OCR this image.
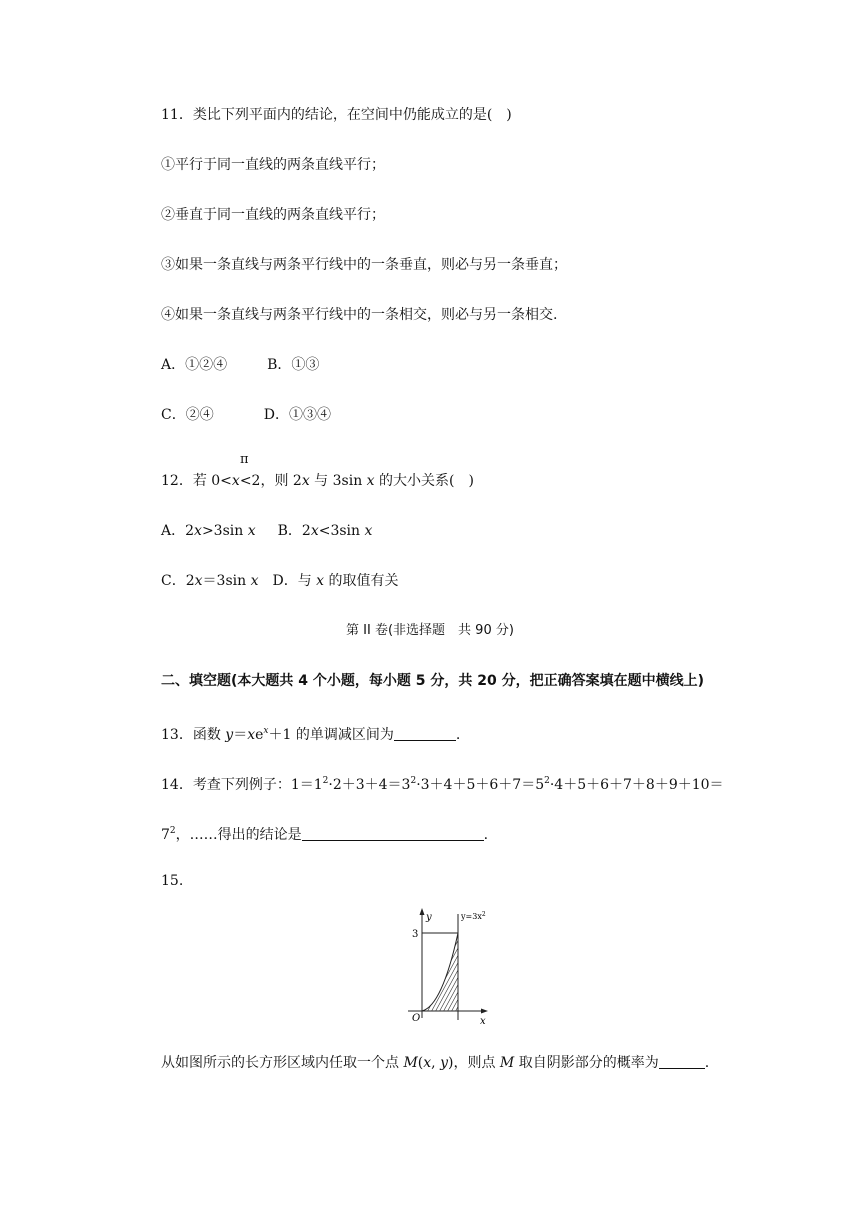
11．类比下列平面内的结论，在空间中仍能成立的是(　)
①平行于同一直线的两条直线平行；
②垂直于同一直线的两条直线平行；
③如果一条直线与两条平行线中的一条垂直，则必与另一条垂直；
④如果一条直线与两条平行线中的一条相交，则必与另一条相交.
A．①②④	B．①③
C．②④	D．①③④
π
12．若 0<x<2，则 2x 与 3sin x 的大小关系(　)
A．2x>3sin x B．2x<3sin x
C．2x＝3sin x D．与 x 的取值有关
第 II 卷(非选择题　共 90 分)
二、填空题(本大题共 4 个小题，每小题 5 分，共 20 分，把正确答案填在题中横线上)
13．函数 $y=xe^x+1$ 的单调减区间为	.
14．考查下列例子：$1=1^2\cdot 2+3+4=3^2\cdot 3+4+5+6+7=5^2\cdot 4+5+6+7+8+9+10=$
$7^2$，……得出的结论是	.
15.
y
x
$y=3x^2$
3
O
从如图所示的长方形区域内任取一个点 M(x, y)，则点 M 取自阴影部分的概率为	.
